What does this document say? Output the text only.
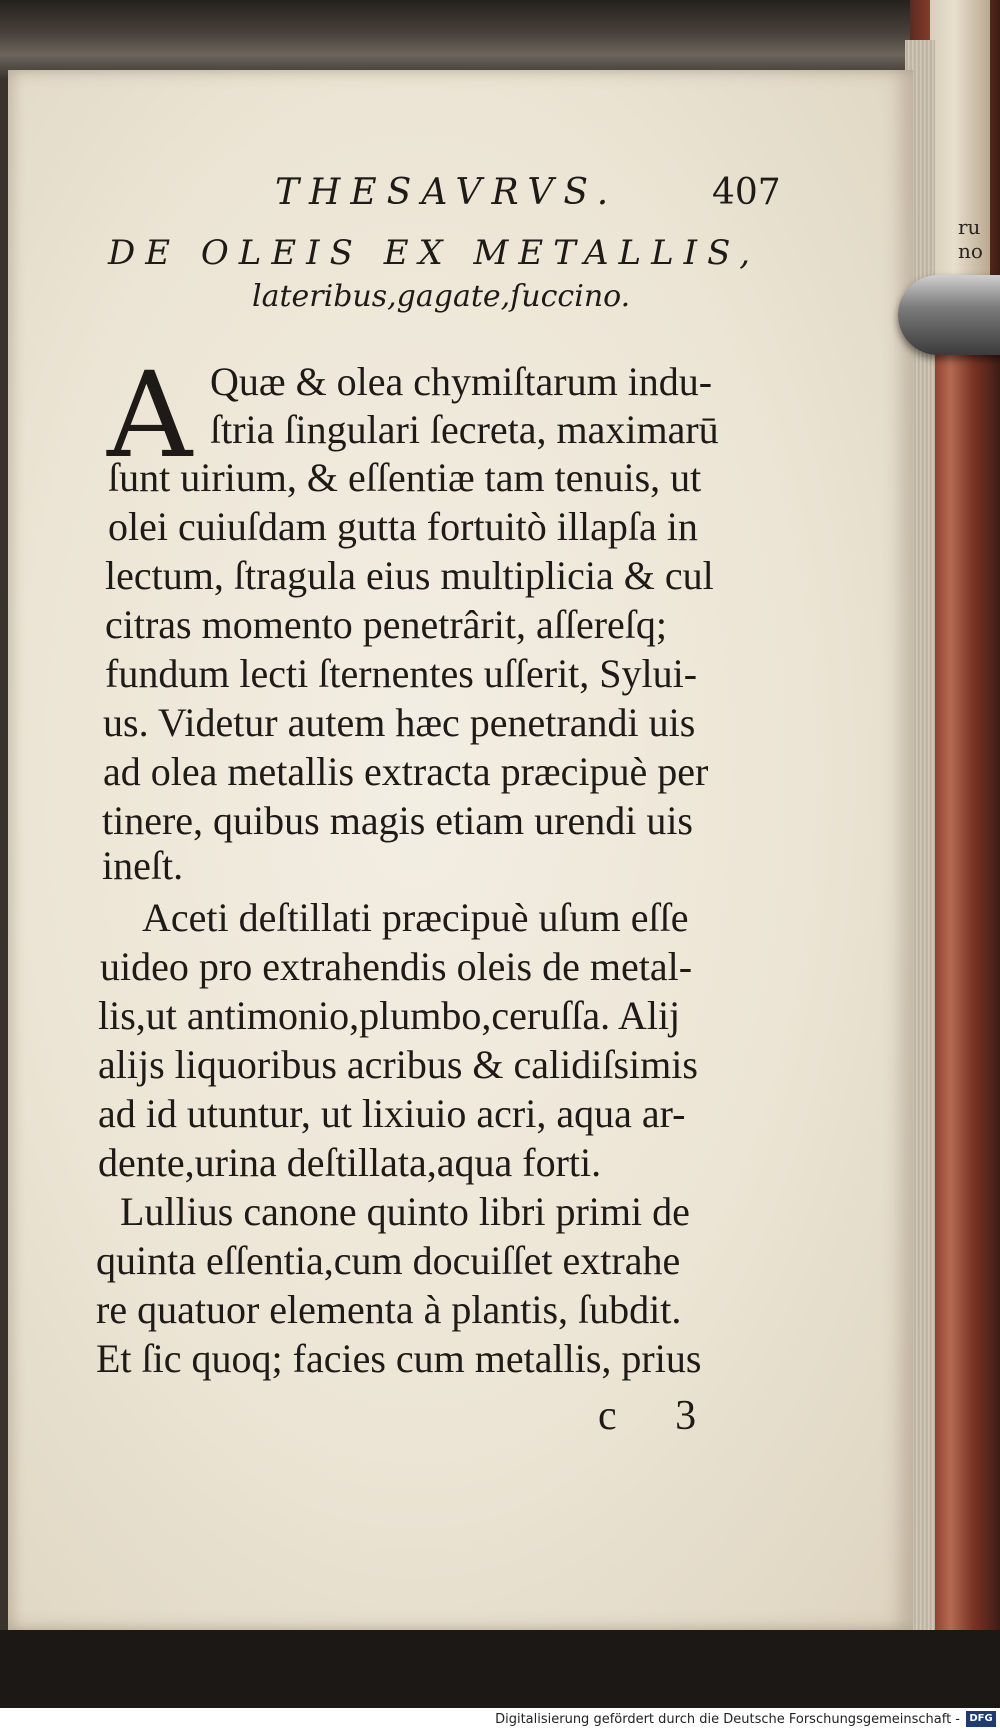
ru
no
THESAVRVS.	407
DE OLEIS EX METALLIS,
lateribus,gagate,ſuccino.
A Quæ & olea chymiſtarum indu-
ſtria ſingulari ſecreta, maximarū
ſunt uirium, & eſſentiæ tam tenuis, ut
olei cuiuſdam gutta fortuitò illapſa in
lectum, ſtragula eius multiplicia & cul
citras momento penetrârit, aſſereſq;
fundum lecti ſternentes uſſerit, Sylui-
us. Videtur autem hæc penetrandi uis
ad olea metallis extracta præcipuè per
tinere, quibus magis etiam urendi uis
ineſt.
Aceti deſtillati præcipuè uſum eſſe
uideo pro extrahendis oleis de metal-
lis,ut antimonio,plumbo,ceruſſa. Alij
alijs liquoribus acribus & calidiſsimis
ad id utuntur, ut lixiuio acri, aqua ar-
dente,urina deſtillata,aqua forti.
Lullius canone quinto libri primi de
quinta eſſentia,cum docuiſſet extrahe
re quatuor elementa à plantis, ſubdit.
Et ſic quoq; facies cum metallis, prius
c 3
Digitalisierung gefördert durch die Deutsche Forschungsgemeinschaft - DFG
